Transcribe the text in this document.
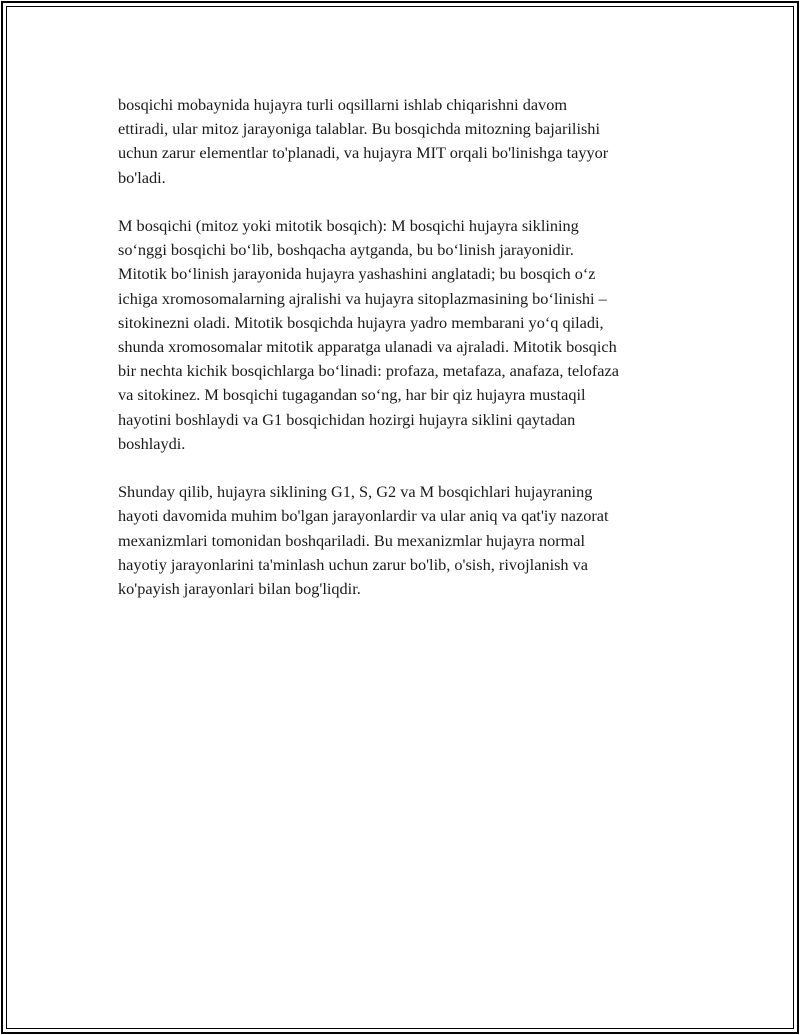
bosqichi mobaynida hujayra turli oqsillarni ishlab chiqarishni davom
ettiradi, ular mitoz jarayoniga talablar. Bu bosqichda mitozning bajarilishi
uchun zarur elementlar to'planadi, va hujayra MIT orqali bo'linishga tayyor
bo'ladi.

M bosqichi (mitoz yoki mitotik bosqich): M bosqichi hujayra siklining
so‘nggi bosqichi bo‘lib, boshqacha aytganda, bu bo‘linish jarayonidir.
Mitotik bo‘linish jarayonida hujayra yashashini anglatadi; bu bosqich o‘z
ichiga xromosomalarning ajralishi va hujayra sitoplazmasining bo‘linishi –
sitokinezni oladi. Mitotik bosqichda hujayra yadro membarani yo‘q qiladi,
shunda xromosomalar mitotik apparatga ulanadi va ajraladi. Mitotik bosqich
bir nechta kichik bosqichlarga bo‘linadi: profaza, metafaza, anafaza, telofaza
va sitokinez. M bosqichi tugagandan so‘ng, har bir qiz hujayra mustaqil
hayotini boshlaydi va G1 bosqichidan hozirgi hujayra siklini qaytadan
boshlaydi.

Shunday qilib, hujayra siklining G1, S, G2 va M bosqichlari hujayraning
hayoti davomida muhim bo'lgan jarayonlardir va ular aniq va qat'iy nazorat
mexanizmlari tomonidan boshqariladi. Bu mexanizmlar hujayra normal
hayotiy jarayonlarini ta'minlash uchun zarur bo'lib, o'sish, rivojlanish va
ko'payish jarayonlari bilan bog'liqdir.
